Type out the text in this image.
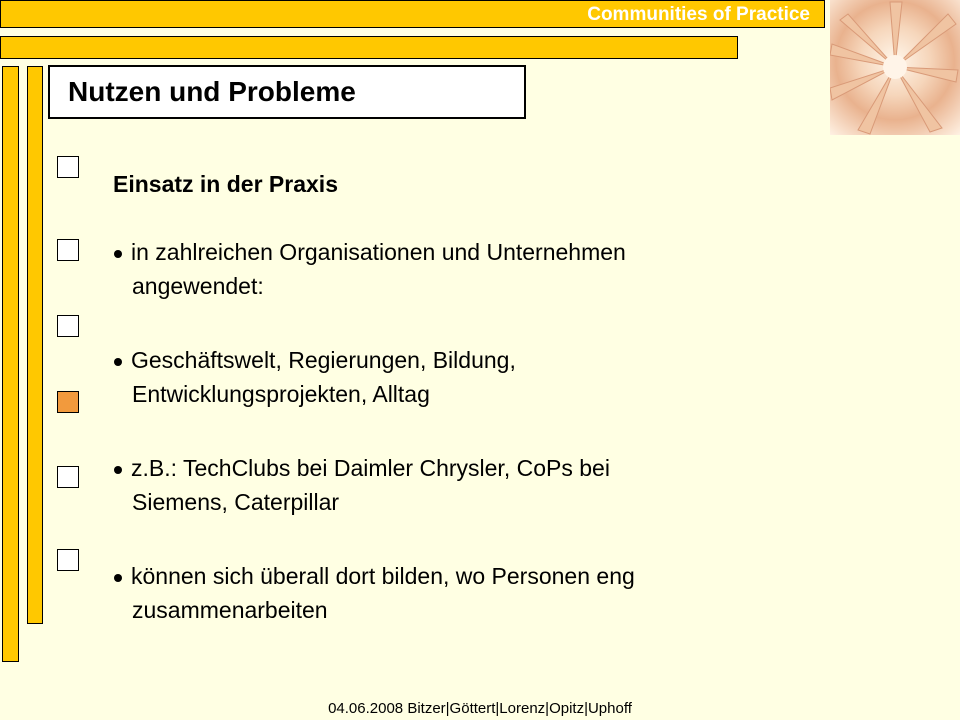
Communities of Practice
Nutzen und Probleme

Einsatz in der Praxis

in zahlreichen Organisationen und Unternehmen
angewendet:

Geschäftswelt, Regierungen, Bildung,
Entwicklungsprojekten, Alltag

z.B.: TechClubs bei Daimler Chrysler, CoPs bei
Siemens, Caterpillar

können sich überall dort bilden, wo Personen eng
zusammenarbeiten

04.06.2008 Bitzer|Göttert|Lorenz|Opitz|Uphoff
